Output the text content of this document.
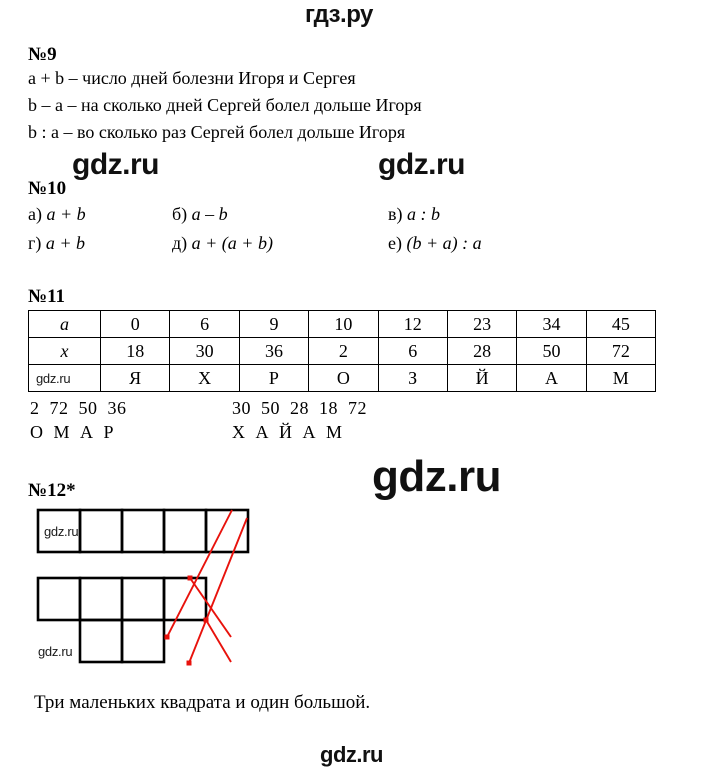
гдз.ру
gdz.ru	gdz.ru
gdz.ru
gdz.ru
№9
a + b – число дней болезни Игоря и Сергея
b – a – на сколько дней Сергей болел дольше Игоря
b : a – во сколько раз Сергей болел дольше Игоря
№10
а) a + b	б) a – b	в) a : b
г) a + b	д) a + (a + b)	е) (b + a) : a
№11
a	0	6	9	10	12	23	34	45
x	18	30	36	2	6	28	50	72
	Я	Х	Р	О	З	Й	А	М
gdz.ru
2  72  50  36
О  М  А  Р
30  50  28  18  72
Х  А  Й  А  М
№12*
gdz.ru
gdz.ru
Три маленьких квадрата и один большой.
